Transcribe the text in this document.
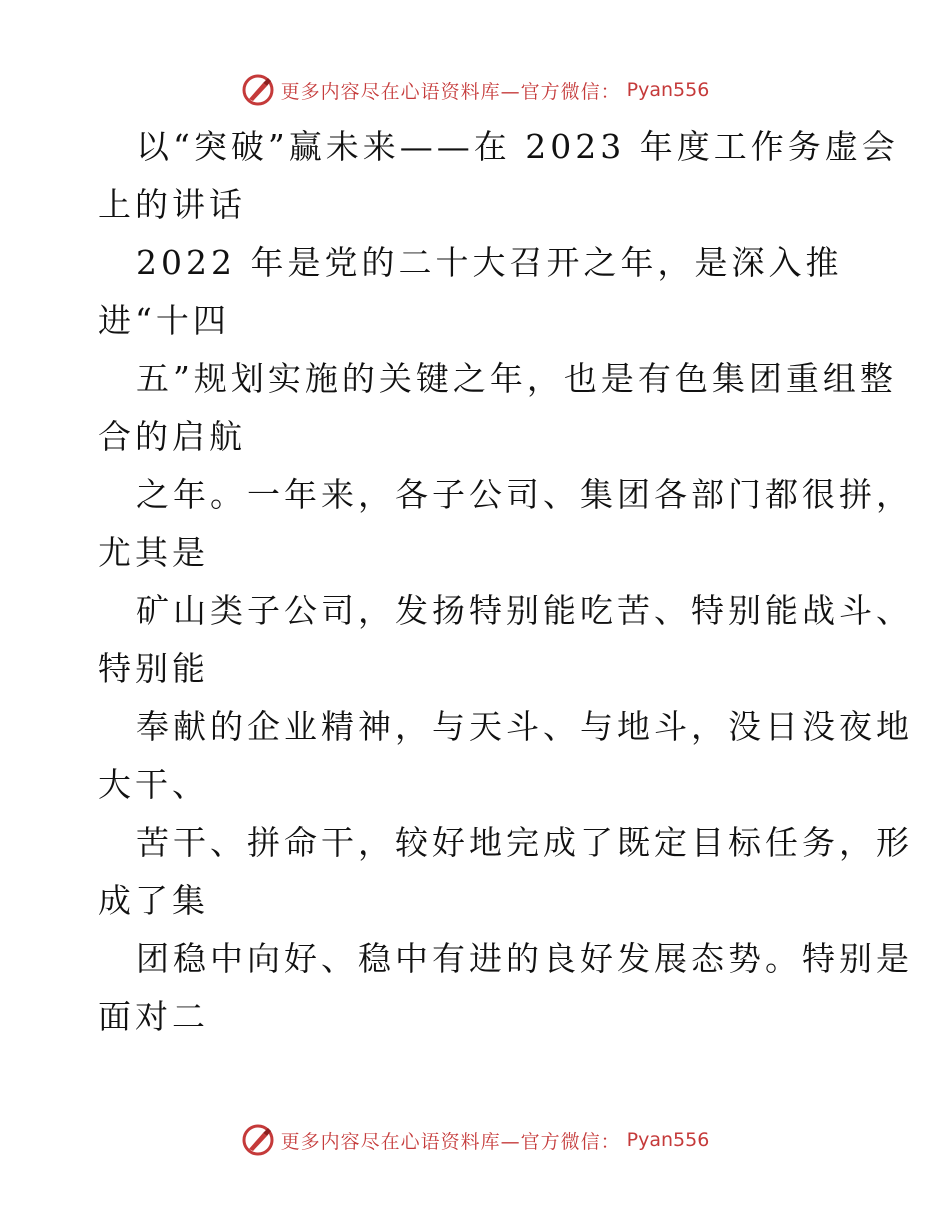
更多内容尽在心语资料库—官方微信： Pyan556
以“突破”赢未来——在 2023 年度工作务虚会
上的讲话
2022 年是党的二十大召开之年，是深入推
进“十四
五”规划实施的关键之年，也是有色集团重组整
合的启航
之年。一年来，各子公司、集团各部门都很拼，
尤其是
矿山类子公司，发扬特别能吃苦、特别能战斗、
特别能
奉献的企业精神，与天斗、与地斗，没日没夜地
大干、
苦干、拼命干，较好地完成了既定目标任务，形
成了集
团稳中向好、稳中有进的良好发展态势。特别是
面对二
更多内容尽在心语资料库—官方微信： Pyan556
